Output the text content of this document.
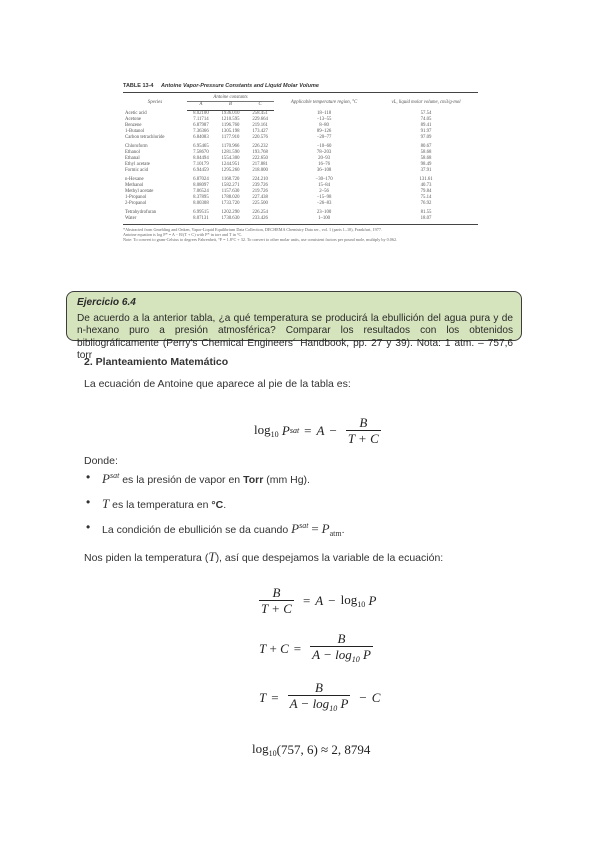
TABLE 13-4 Antoine Vapor-Pressure Constants and Liquid Molar Volume
Species	Antoine constants			Applicable temperature region, °C	vL, liquid molar volume, cm3/g-mol
	A	B	C		
Acetic acid	8.02100	1936.010	258.451	18–118	57.54
Acetone	7.11714	1210.595	229.664	−13–55	74.05
Benzene	6.87987	1196.760	219.161	8–80	89.41
1-Butanol	7.36366	1305.198	173.427	89–126	91.97
Carbon tetrachloride	6.84083	1177.910	220.576	−20–77	97.09
Chloroform	6.95465	1170.966	226.232	−10–60	80.67
Ethanol	7.58670	1281.590	193.768	78–203	58.68
Ethanal	8.04494	1554.300	222.650	20–93	58.68
Ethyl acetate	7.10179	1244.951	217.881	16–76	98.49
Formic acid	6.94459	1295.260	218.000	36–108	37.91
n-Hexane	6.87024	1168.720	224.210	−30–170	131.61
Methanol	8.08097	1582.271	239.726	15–84	40.73
Methyl acetate	7.06524	1157.630	219.726	2–56	79.84
1-Propanol	8.37895	1788.020	227.438	−15–98	75.14
2-Propanol	8.00308	1733.720	225.500	−26–83	76.92
Tetrahydrofuran	6.99515	1202.290	226.254	23–100	81.55
Water	8.07131	1730.630	233.426	1–100	18.07
*Abstracted from Gmehling and Onken, Vapor-Liquid Equilibrium Data Collection, DECHEMA Chemistry Data ser., vol. 1 (parts 1–10), Frankfurt, 1977.
Antoine equation is log P* = A − B/(T + C) with P* in torr and T in °C.
Note: To convert to gram-Celsius to degrees Fahrenheit, °F = 1.8°C + 32. To convert to other molar units, use consistent factors per pound mole, multiply by 0.062.
Ejercicio 6.4
De acuerdo a la anterior tabla, ¿a qué temperatura se producirá la ebullición del agua pura y de n-hexano puro a presión atmosférica? Comparar los resultados con los obtenidos bibliográficamente (Perry's Chemical Engineers´ Handbook, pp. 27 y 39). Nota: 1 atm. – 757,6 torr
2. Planteamiento Matemático
La ecuación de Antoine que aparece al pie de la tabla es:
$\log_{10}$
P sat = $A - \frac{B}{T + C}$
Donde:
• $P^{sat}$ es la presión de vapor en Torr (mm Hg).
• T es la temperatura en °C.
• La condición de ebullición se da cuando $P^{sat} = P_{atm}$.
Nos piden la temperatura (T), así que despejamos la variable de la ecuación:
$\frac{B}{T + C} = A - \log_{10}$
P
$T + C = \frac{B}{A - \log_{10} P}$
$T = \frac{B}{A - \log_{10} P} - C$
$\log_{10} (757$, 6)
≈ 2, 8794
